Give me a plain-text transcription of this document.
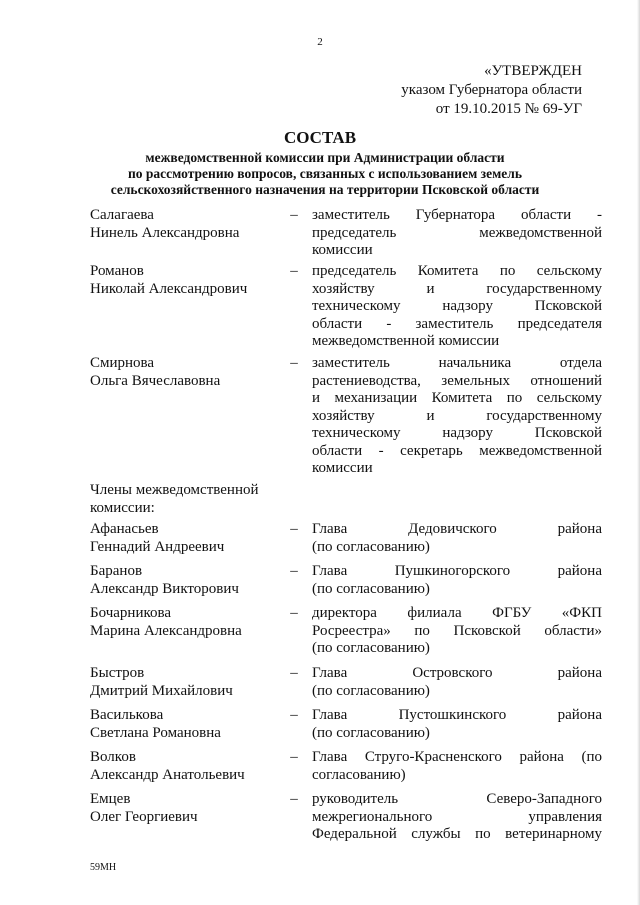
2
«УТВЕРЖДЕН
указом Губернатора области
от 19.10.2015 № 69-УГ
СОСТАВ
межведомственной комиссии при Администрации области
по рассмотрению вопросов, связанных с использованием земель
сельскохозяйственного назначения на территории Псковской области
Салагаева
Нинель Александровна
– заместитель Губернатора области -
председатель межведомственной
комиссии
Романов
Николай Александрович
– председатель Комитета по сельскому
хозяйству и государственному
техническому надзору Псковской
области - заместитель председателя
межведомственной комиссии
Смирнова
Ольга Вячеславовна
– заместитель начальника отдела
растениеводства, земельных отношений
и механизации Комитета по сельскому
хозяйству и государственному
техническому надзору Псковской
области - секретарь межведомственной
комиссии
Члены межведомственной
комиссии:
Афанасьев
Геннадий Андреевич
– Глава Дедовичского района
(по согласованию)
Баранов
Александр Викторович
– Глава Пушкиногорского района
(по согласованию)
Бочарникова
Марина Александровна
– директора филиала ФГБУ «ФКП
Росреестра» по Псковской области»
(по согласованию)
Быстров
Дмитрий Михайлович
– Глава Островского района
(по согласованию)
Василькова
Светлана Романовна
– Глава Пустошкинского района
(по согласованию)
Волков
Александр Анатольевич
– Глава Струго-Красненского района (по
согласованию)
Емцев
Олег Георгиевич
– руководитель Северо-Западного
межрегионального управления
Федеральной службы по ветеринарному
59МН
